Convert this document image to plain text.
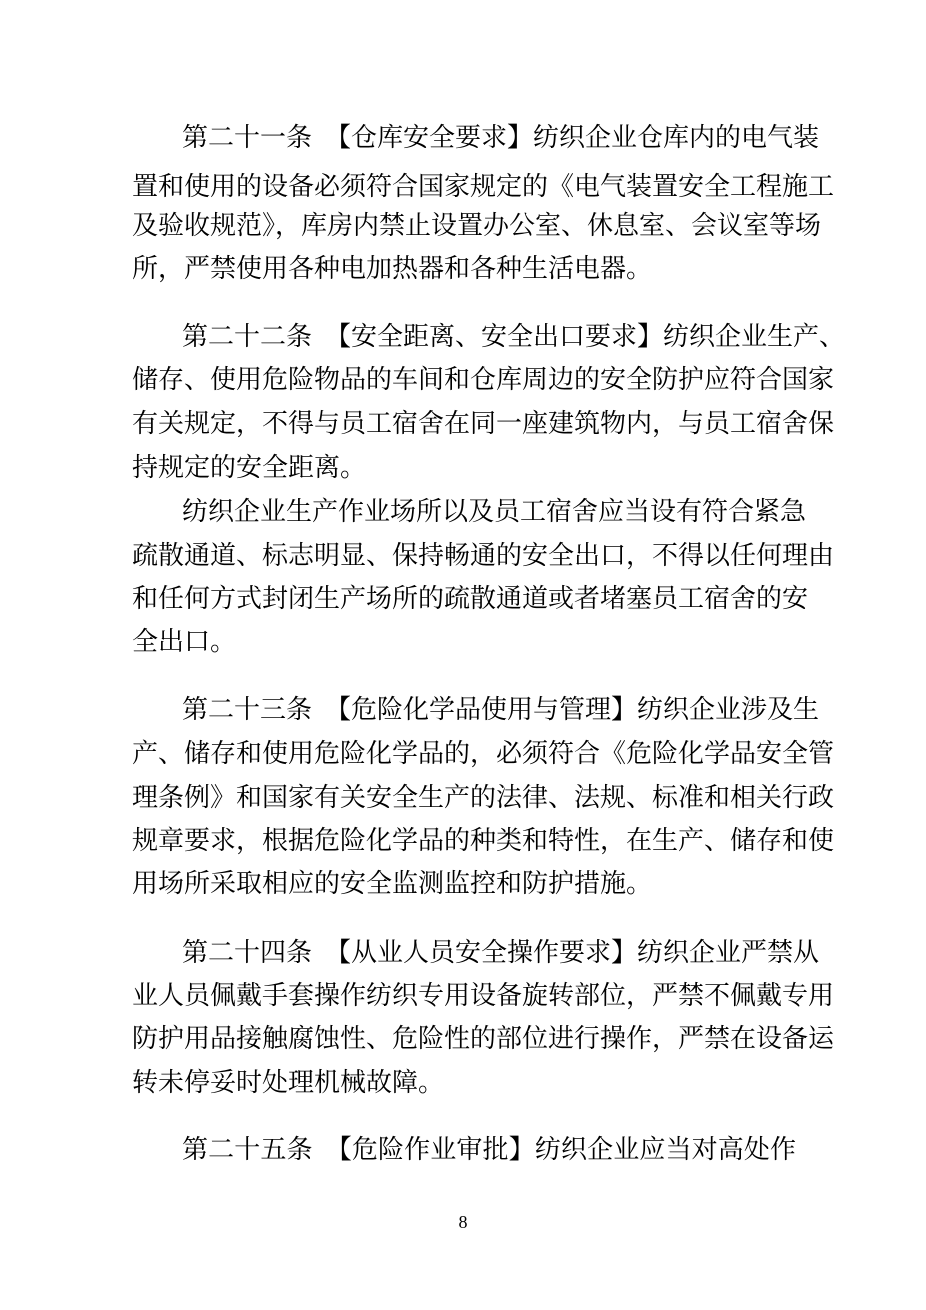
第二十一条　【仓库安全要求】纺织企业仓库内的电气装
置和使用的设备必须符合国家规定的《电气装置安全工程施工
及验收规范》，库房内禁止设置办公室、休息室、会议室等场
所，严禁使用各种电加热器和各种生活电器。
第二十二条　【安全距离、安全出口要求】纺织企业生产、
储存、使用危险物品的车间和仓库周边的安全防护应符合国家
有关规定，不得与员工宿舍在同一座建筑物内，与员工宿舍保
持规定的安全距离。
纺织企业生产作业场所以及员工宿舍应当设有符合紧急
疏散通道、标志明显、保持畅通的安全出口，不得以任何理由
和任何方式封闭生产场所的疏散通道或者堵塞员工宿舍的安
全出口。
第二十三条　【危险化学品使用与管理】纺织企业涉及生
产、储存和使用危险化学品的，必须符合《危险化学品安全管
理条例》和国家有关安全生产的法律、法规、标准和相关行政
规章要求，根据危险化学品的种类和特性，在生产、储存和使
用场所采取相应的安全监测监控和防护措施。
第二十四条　【从业人员安全操作要求】纺织企业严禁从
业人员佩戴手套操作纺织专用设备旋转部位，严禁不佩戴专用
防护用品接触腐蚀性、危险性的部位进行操作，严禁在设备运
转未停妥时处理机械故障。
第二十五条　【危险作业审批】纺织企业应当对高处作
8
